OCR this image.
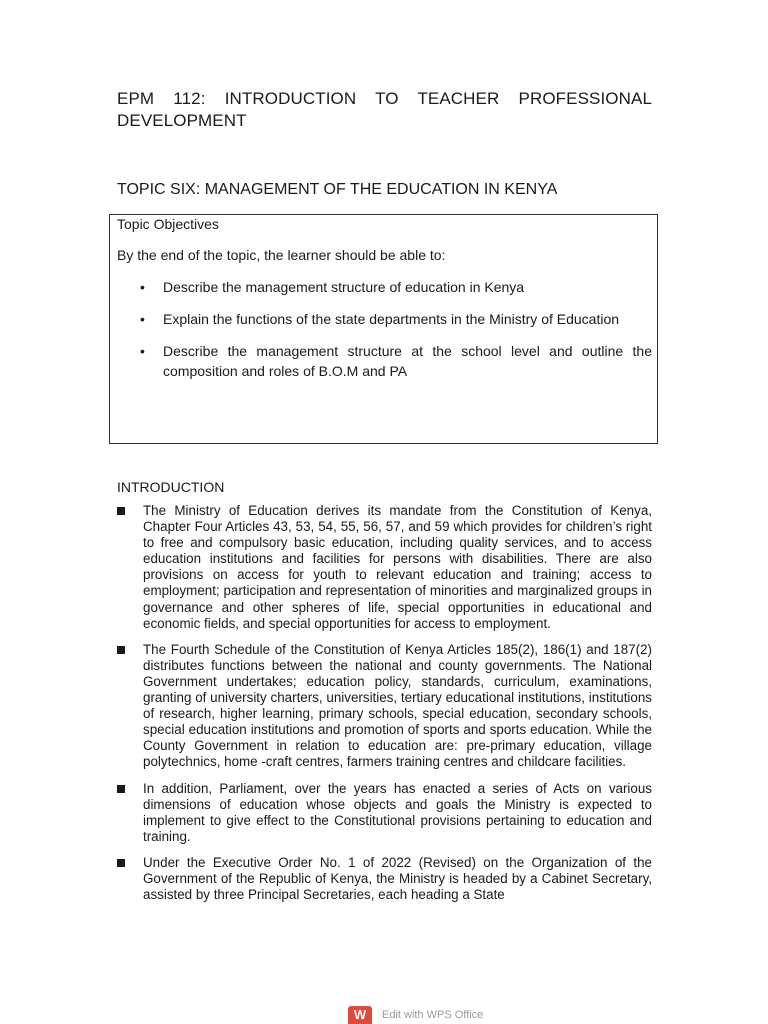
EPM 112: INTRODUCTION TO TEACHER PROFESSIONAL DEVELOPMENT
TOPIC SIX: MANAGEMENT OF THE EDUCATION IN KENYA
Topic Objectives
By the end of the topic, the learner should be able to:
• Describe the management structure of education in Kenya
• Explain the functions of the state departments in the Ministry of Education
• Describe the management structure at the school level and outline the composition and roles of B.O.M and PA
INTRODUCTION
The Ministry of Education derives its mandate from the Constitution of Kenya, Chapter Four Articles 43, 53, 54, 55, 56, 57, and 59 which provides for children’s right to free and compulsory basic education, including quality services, and to access education institutions and facilities for persons with disabilities. There are also provisions on access for youth to relevant education and training; access to employment; participation and representation of minorities and marginalized groups in governance and other spheres of life, special opportunities in educational and economic fields, and special opportunities for access to employment.
The Fourth Schedule of the Constitution of Kenya Articles 185(2), 186(1) and 187(2) distributes functions between the national and county governments. The National Government undertakes; education policy, standards, curriculum, examinations, granting of university charters, universities, tertiary educational institutions, institutions of research, higher learning, primary schools, special education, secondary schools, special education institutions and promotion of sports and sports education. While the County Government in relation to education are: pre-primary education, village polytechnics, home -craft centres, farmers training centres and childcare facilities.
In addition, Parliament, over the years has enacted a series of Acts on various dimensions of education whose objects and goals the Ministry is expected to implement to give effect to the Constitutional provisions pertaining to education and training.
Under the Executive Order No. 1 of 2022 (Revised) on the Organization of the Government of the Republic of Kenya, the Ministry is headed by a Cabinet Secretary, assisted by three Principal Secretaries, each heading a State
W	Edit with WPS Office
